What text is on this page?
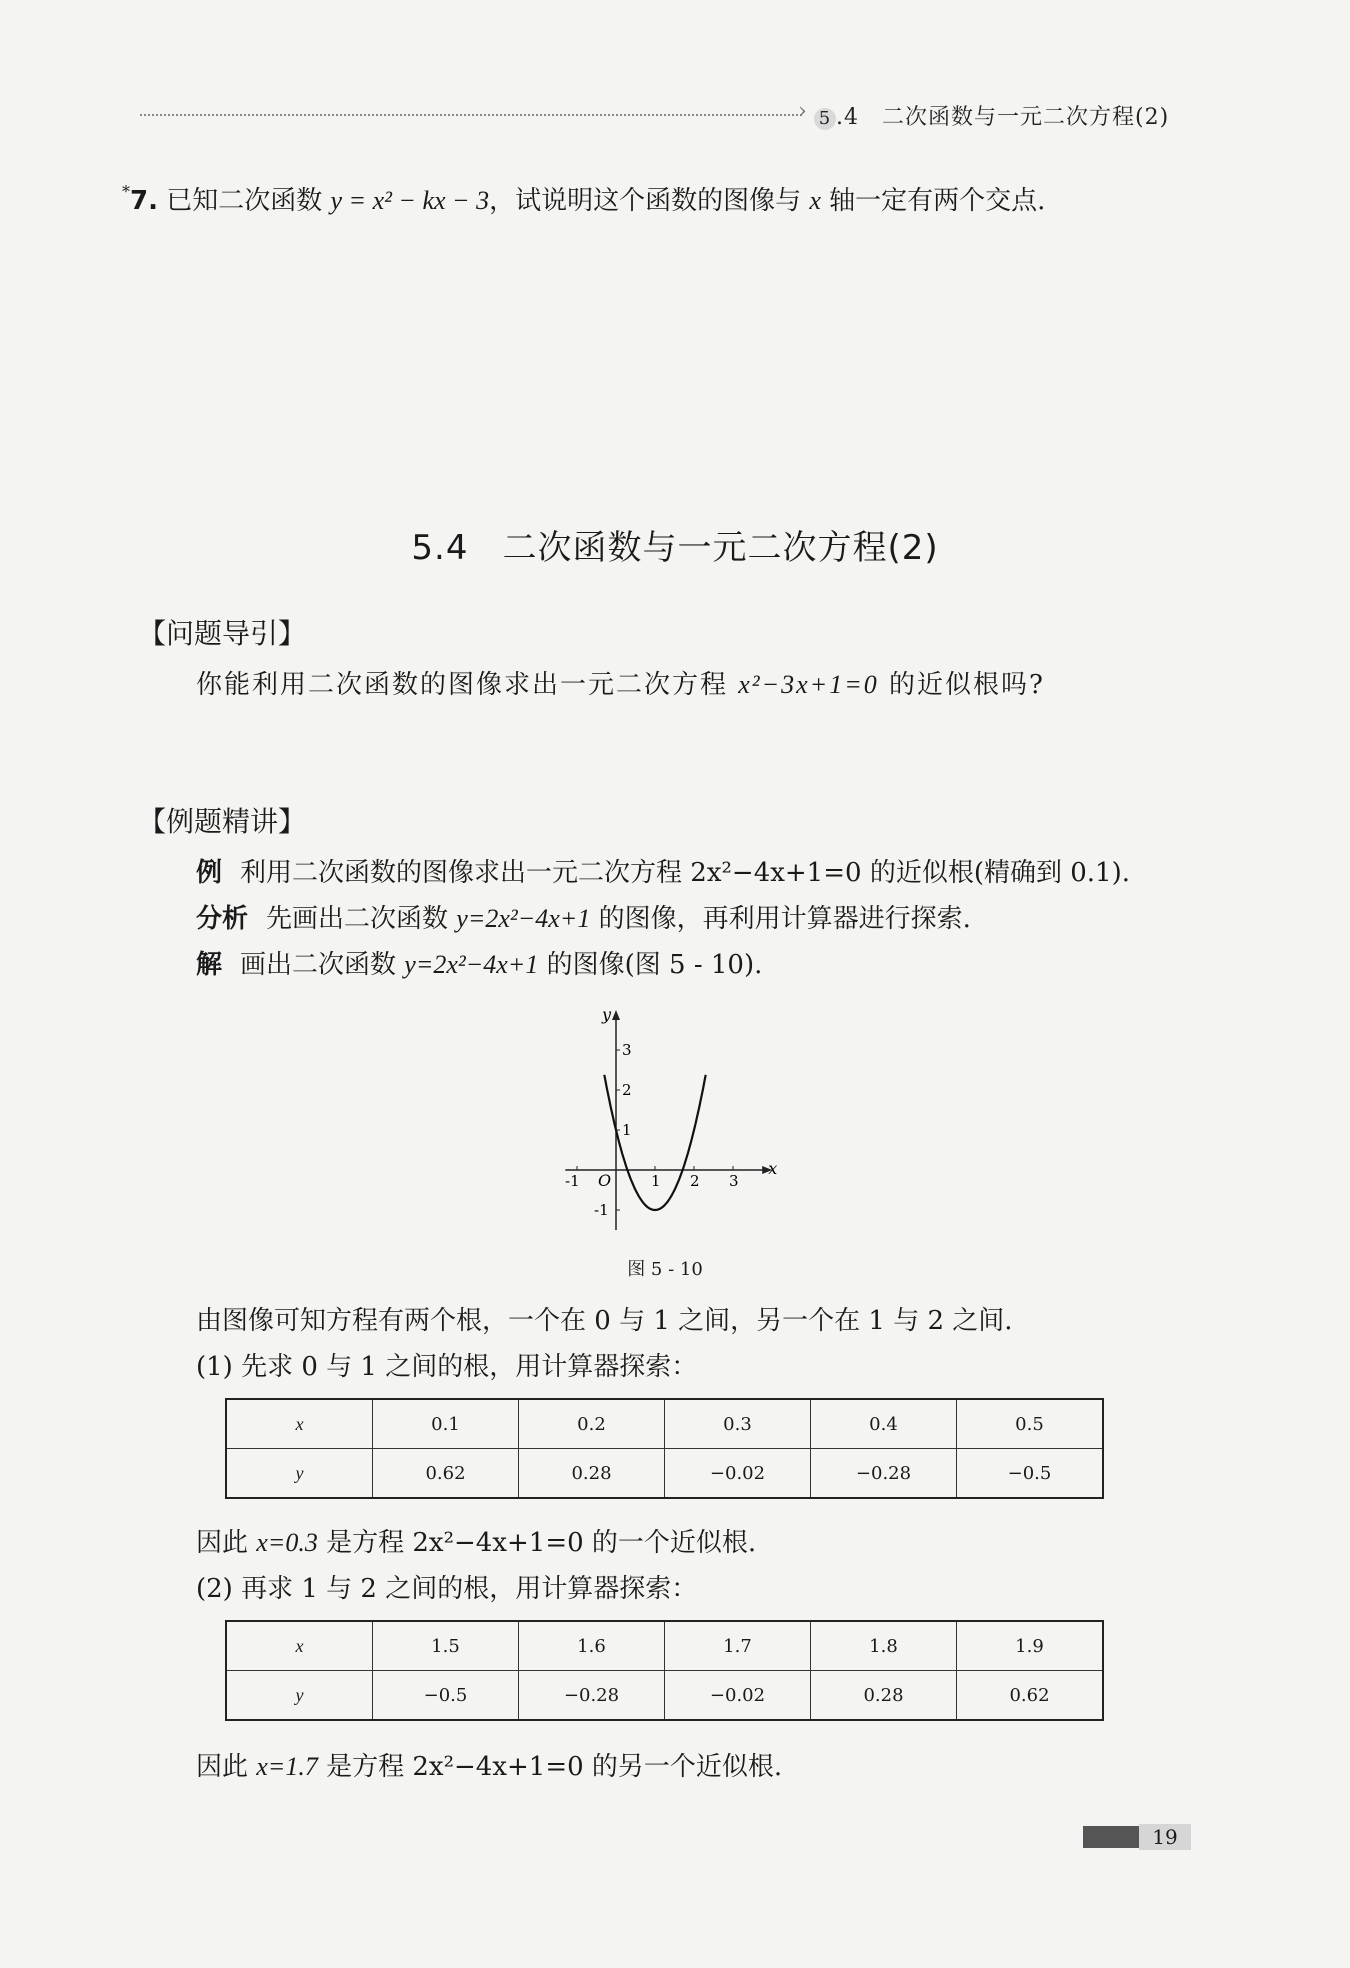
› 5 .4　二次函数与一元二次方程(2)
*7. 已知二次函数 y = x² − kx − 3，试说明这个函数的图像与 x 轴一定有两个交点.
5.4 二次函数与一元二次方程(2)
【问题导引】
你能利用二次函数的图像求出一元二次方程 x²−3x+1=0 的近似根吗?
【例题精讲】
例 利用二次函数的图像求出一元二次方程 2x²−4x+1=0 的近似根(精确到 0.1).
分析 先画出二次函数 y=2x²−4x+1 的图像，再利用计算器进行探索.
解 画出二次函数 y=2x²−4x+1 的图像(图 5 - 10).
x
y
O
-1	1 2 3
3
2
1
-1
图 5 - 10
由图像可知方程有两个根，一个在 0 与 1 之间，另一个在 1 与 2 之间.
(1) 先求 0 与 1 之间的根，用计算器探索：
x	0.1	0.2	0.3	0.4	0.5
y	0.62	0.28	−0.02	−0.28	−0.5
因此 x=0.3 是方程 2x²−4x+1=0 的一个近似根.
(2) 再求 1 与 2 之间的根，用计算器探索：
x	1.5	1.6	1.7	1.8	1.9
y	−0.5	−0.28	−0.02	0.28	0.62
因此 x=1.7 是方程 2x²−4x+1=0 的另一个近似根.
19
